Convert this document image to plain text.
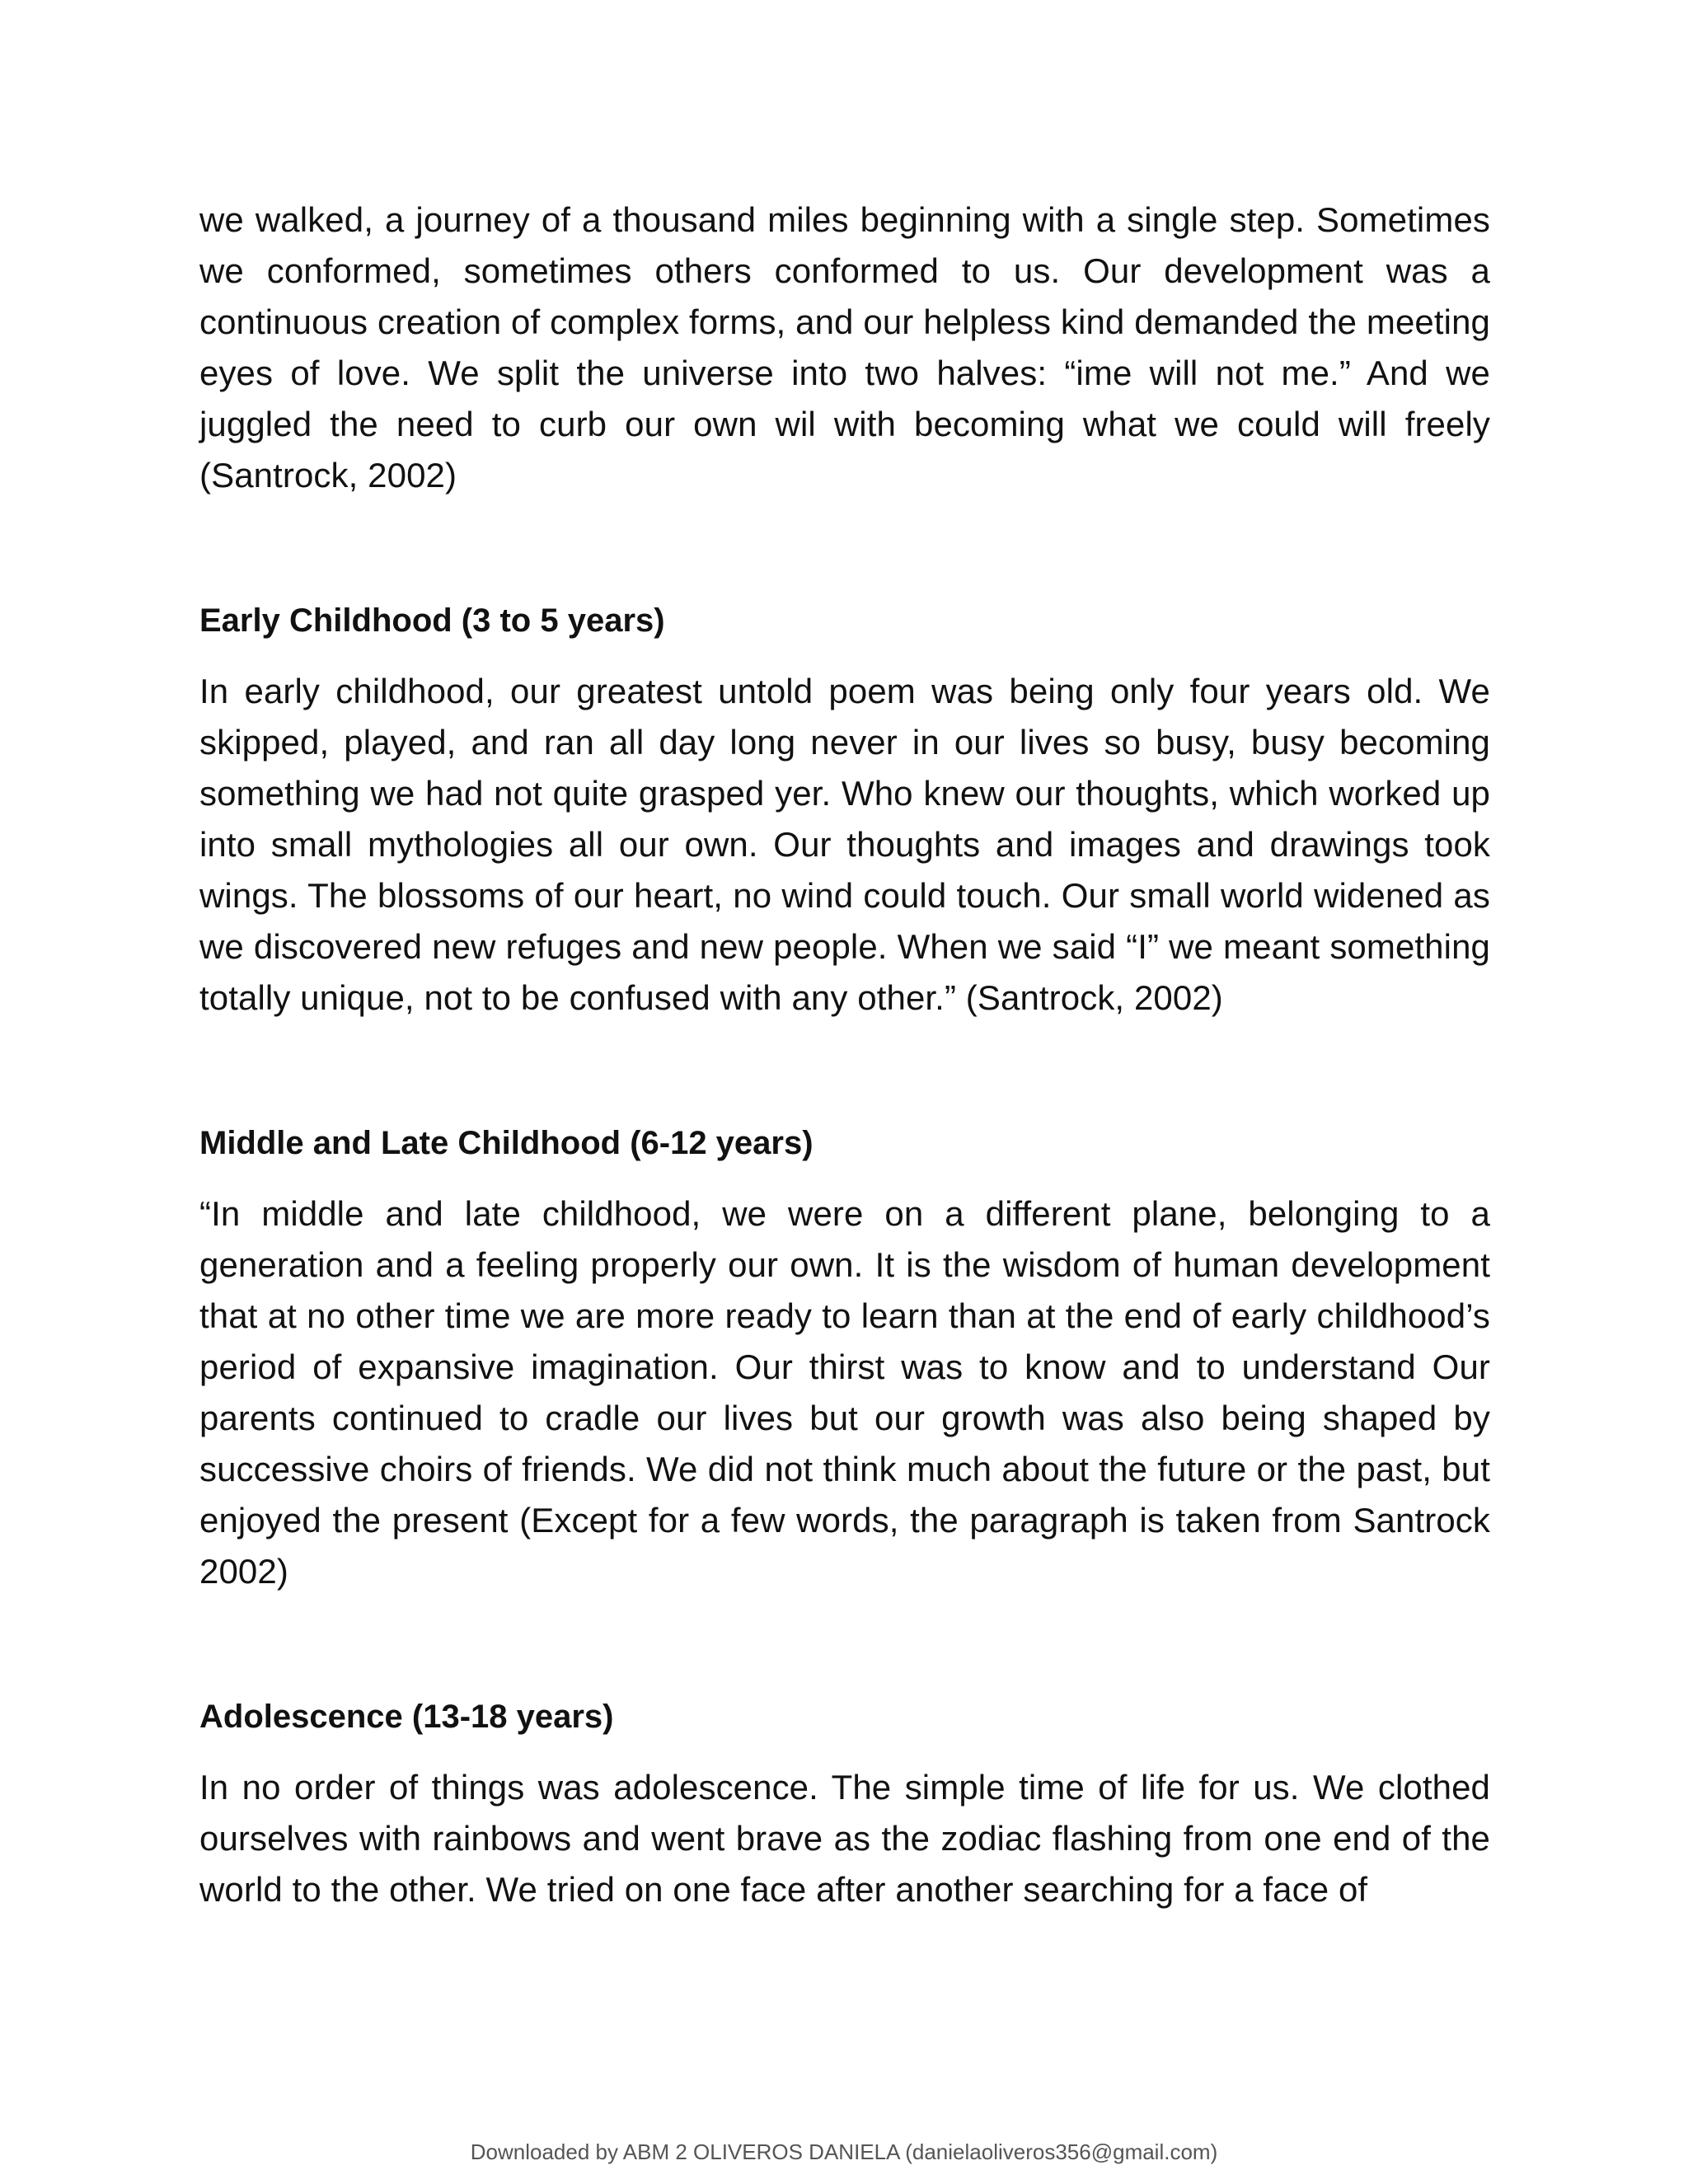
we walked, a journey of a thousand miles beginning with a single step. Sometimes we conformed, sometimes others conformed to us. Our development was a continuous creation of complex forms, and our helpless kind demanded the meeting eyes of love. We split the universe into two halves: “ime will not me.” And we juggled the need to curb our own wil with becoming what we could will freely (Santrock, 2002)

Early Childhood (3 to 5 years)

In early childhood, our greatest untold poem was being only four years old. We skipped, played, and ran all day long never in our lives so busy, busy becoming something we had not quite grasped yer. Who knew our thoughts, which worked up into small mythologies all our own. Our thoughts and images and drawings took wings. The blossoms of our heart, no wind could touch. Our small world widened as we discovered new refuges and new people. When we said “I” we meant something totally unique, not to be confused with any other.” (Santrock, 2002)

Middle and Late Childhood (6-12 years)

“In middle and late childhood, we were on a different plane, belonging to a generation and a feeling properly our own. It is the wisdom of human development that at no other time we are more ready to learn than at the end of early childhood’s period of expansive imagination. Our thirst was to know and to understand Our parents continued to cradle our lives but our growth was also being shaped by successive choirs of friends. We did not think much about the future or the past, but enjoyed the present (Except for a few words, the paragraph is taken from Santrock 2002)

Adolescence (13-18 years)

In no order of things was adolescence. The simple time of life for us. We clothed ourselves with rainbows and went brave as the zodiac flashing from one end of the world to the other. We tried on one face after another searching for a face of

Downloaded by ABM 2 OLIVEROS DANIELA (danielaoliveros356@gmail.com)
